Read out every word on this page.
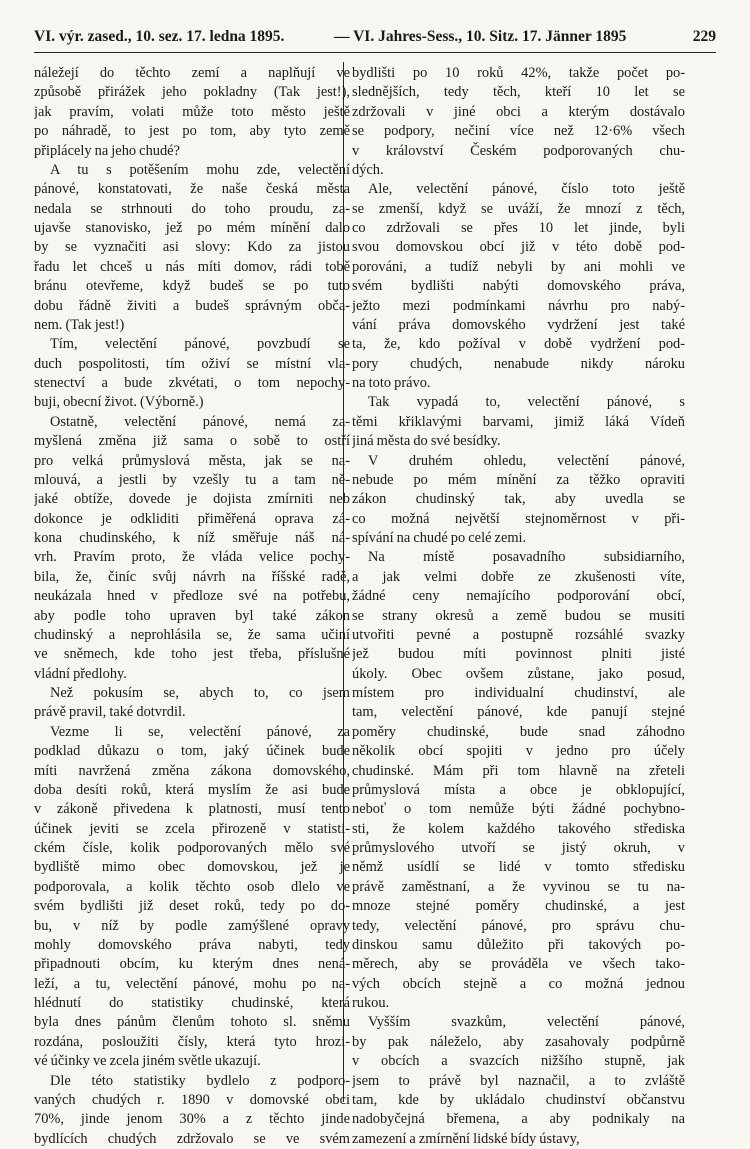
VI. výr. zased., 10. sez. 17. ledna 1895.	— VI. Jahres-Sess., 10. Sitz. 17. Jänner 1895	229
náležejí do těchto zemí a naplňují ve
způsobě přirážek jeho pokladny (Tak jest!),
jak pravím, volati může toto město ještě
po náhradě, to jest po tom, aby tyto země
připlácely na jeho chudé?
A tu s potěšením mohu zde, velectění
pánové, konstatovati, že naše česká města
nedala se strhnouti do toho proudu, za-
ujavše stanovisko, jež po mém mínění dalo
by se vyznačiti asi slovy: Kdo za jistou
řadu let chceš u nás míti domov, rádi tobě
bránu otevřeme, když budeš se po tuto
dobu řádně živiti a budeš správným obča-
nem. (Tak jest!)
Tím, velectění pánové, povzbudí se
duch pospolitosti, tím oživí se místní vla-
stenectví a bude zkvétati, o tom nepochy-
buji, obecní život. (Výborně.)
Ostatně, velectění pánové, nemá za-
myšlená změna již sama o sobě to ostří
pro velká průmyslová města, jak se na-
mlouvá, a jestli by vzešly tu a tam ně-
jaké obtíže, dovede je dojista zmírniti neb
dokonce je odkliditi přiměřená oprava zá-
kona chudinského, k níž směřuje náš ná-
vrh. Pravím proto, že vláda velice pochy-
bila, že, činíc svůj návrh na říšské radě,
neukázala hned v předloze své na potřebu,
aby podle toho upraven byl také zákon
chudinský a neprohlásila se, že sama učiní
ve sněmech, kde toho jest třeba, příslušné
vládní předlohy.
Než pokusím se, abych to, co jsem
právě pravil, také dotvrdil.
Vezme li se, velectění pánové, za
podklad důkazu o tom, jaký účinek bude
míti navržená změna zákona domovského,
doba desíti roků, která myslím že asi bude
v zákoně přivedena k platnosti, musí tento
účinek jeviti se zcela přirozeně v statisti-
ckém čísle, kolik podporovaných mělo své
bydliště mimo obec domovskou, jež je
podporovala, a kolik těchto osob dlelo ve
svém bydlišti již deset roků, tedy po do-
bu, v níž by podle zamýšlené opravy
mohly domovského práva nabyti, tedy
připadnouti obcím, ku kterým dnes nená-
leží, a tu, velectění pánové, mohu po na-
hlédnutí do statistiky chudinské, která
byla dnes pánům členům tohoto sl. sněmu
rozdána, posloužiti čísly, která tyto hrozi-
vé účinky ve zcela jiném světle ukazují.
Dle této statistiky bydlelo z podporo-
vaných chudých r. 1890 v domovské obci
70%, jinde jenom 30% a z těchto jinde
bydlících chudých zdržovalo se ve svém
bydlišti po 10 roků 42%, takže počet po-
slednějších, tedy těch, kteří 10 let se
zdržovali v jiné obci a kterým dostávalo
se podpory, nečiní více než 12·6% všech
v království Českém podporovaných chu-
dých.
Ale, velectění pánové, číslo toto ještě
se zmenší, když se uváží, že mnozí z těch,
co zdržovali se přes 10 let jinde, byli
svou domovskou obcí již v této době pod-
porováni, a tudíž nebyli by ani mohli ve
svém bydlišti nabýti domovského práva,
ježto mezi podmínkami návrhu pro nabý-
vání práva domovského vydržení jest také
ta, že, kdo požíval v době vydržení pod-
pory chudých, nenabude nikdy nároku
na toto právo.
Tak vypadá to, velectění pánové, s
těmi křiklavými barvami, jimiž láká Vídeň
jiná města do své besídky.
V druhém ohledu, velectění pánové,
nebude po mém mínění za těžko opraviti
zákon chudinský tak, aby uvedla se
co možná největší stejnoměrnost v při-
spívání na chudé po celé zemi.
Na místě posavadního subsidiarního,
a jak velmi dobře ze zkušenosti víte,
žádné ceny nemajícího podporování obcí,
se strany okresů a země budou se musiti
utvořiti pevné a postupně rozsáhlé svazky
jež budou míti povinnost plniti jisté
úkoly. Obec ovšem zůstane, jako posud,
místem pro individualní chudinství, ale
tam, velectění pánové, kde panují stejné
poměry chudinské, bude snad záhodno
několik obcí spojiti v jedno pro účely
chudinské. Mám při tom hlavně na zřeteli
průmyslová místa a obce je obklopující,
neboť o tom nemůže býti žádné pochybno-
sti, že kolem každého takového střediska
průmyslového utvoří se jistý okruh, v
němž usídlí se lidé v tomto středisku
právě zaměstnaní, a že vyvinou se tu na-
mnoze stejné poměry chudinské, a jest
tedy, velectění pánové, pro správu chu-
dinskou samu důležito při takových po-
měrech, aby se prováděla ve všech tako-
vých obcích stejně a co možná jednou
rukou.
Vyšším svazkům, velectění pánové,
by pak náleželo, aby zasahovaly podpůrně
v obcích a svazcích nižšího stupně, jak
jsem to právě byl naznačil, a to zvláště
tam, kde by ukládalo chudinství občanstvu
nadobyčejná břemena, a aby podnikaly na
zamezení a zmírnění lidské bídy ústavy,
